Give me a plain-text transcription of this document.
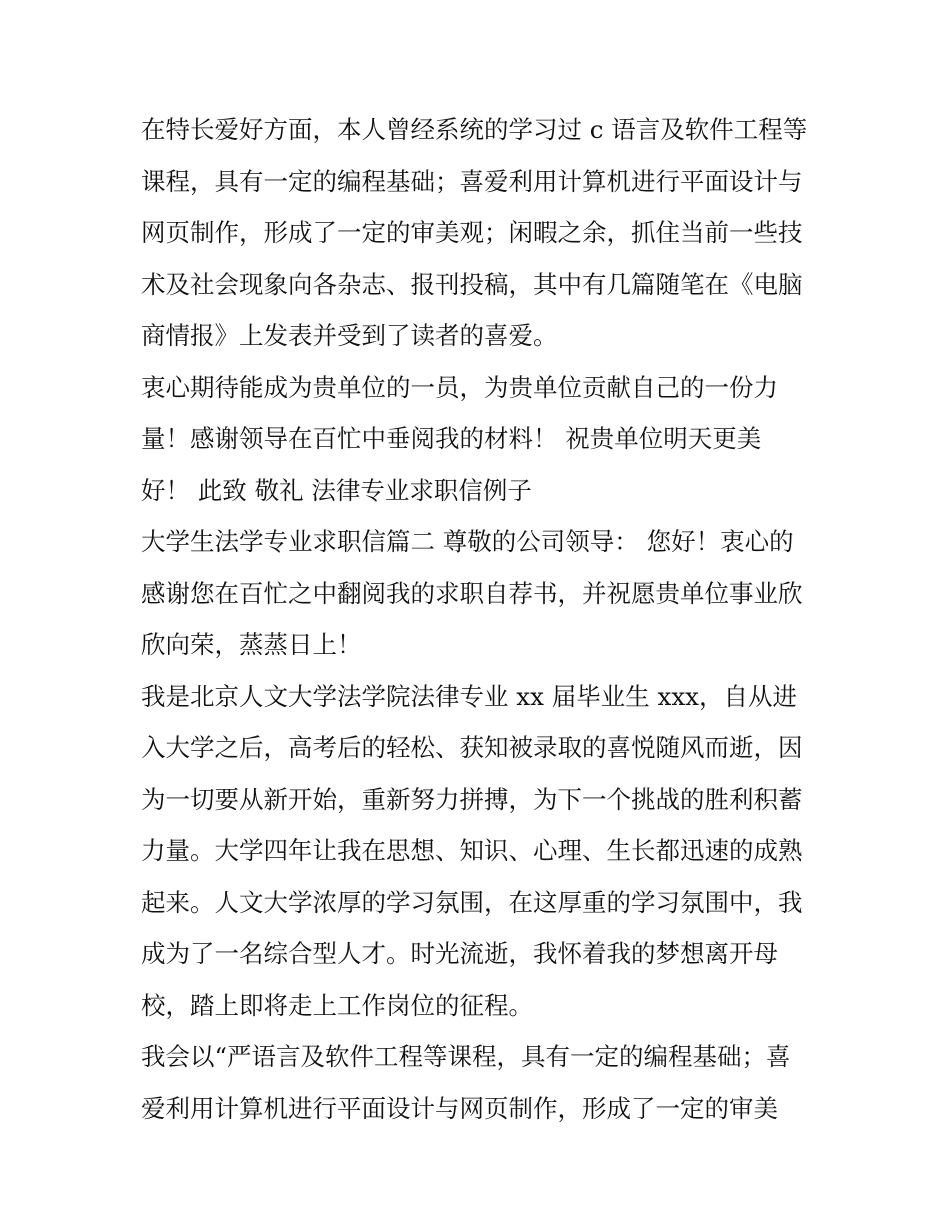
在特长爱好方面，本人曾经系统的学习过 c 语言及软件工程等
课程，具有一定的编程基础；喜爱利用计算机进行平面设计与
网页制作，形成了一定的审美观；闲暇之余，抓住当前一些技
术及社会现象向各杂志、报刊投稿，其中有几篇随笔在《电脑
商情报》上发表并受到了读者的喜爱。
衷心期待能成为贵单位的一员，为贵单位贡献自己的一份力
量！感谢领导在百忙中垂阅我的材料！ 祝贵单位明天更美
好！ 此致 敬礼 法律专业求职信例子
大学生法学专业求职信篇二 尊敬的公司领导： 您好！衷心的
感谢您在百忙之中翻阅我的求职自荐书，并祝愿贵单位事业欣
欣向荣，蒸蒸日上！
我是北京人文大学法学院法律专业 xx 届毕业生 xxx，自从进
入大学之后，高考后的轻松、获知被录取的喜悦随风而逝，因
为一切要从新开始，重新努力拼搏，为下一个挑战的胜利积蓄
力量。大学四年让我在思想、知识、心理、生长都迅速的成熟
起来。人文大学浓厚的学习氛围，在这厚重的学习氛围中，我
成为了一名综合型人才。时光流逝，我怀着我的梦想离开母
校，踏上即将走上工作岗位的征程。
我会以“严语言及软件工程等课程，具有一定的编程基础；喜
爱利用计算机进行平面设计与网页制作，形成了一定的审美
